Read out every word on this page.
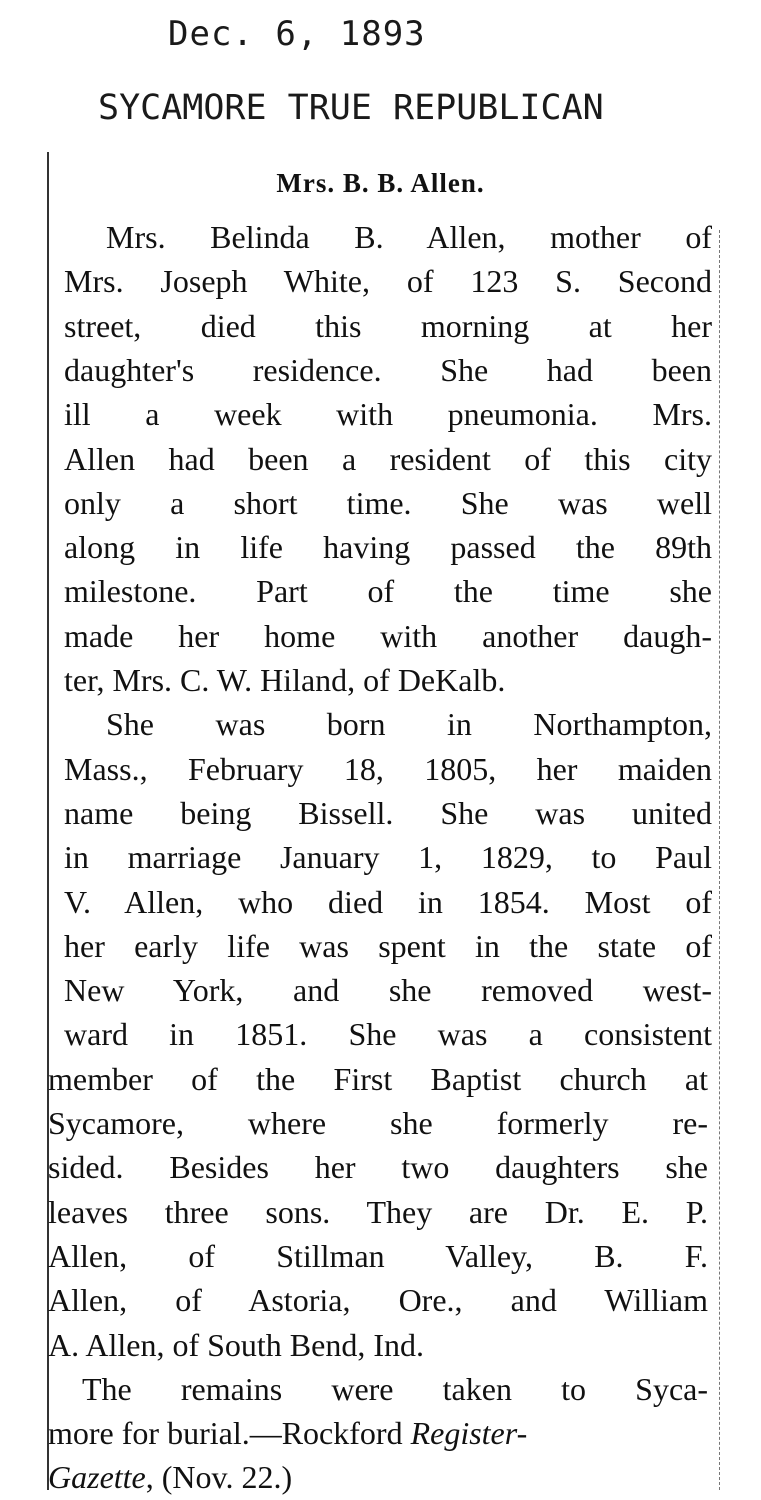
Dec. 6, 1893
SYCAMORE TRUE REPUBLICAN
Mrs. B. B. Allen.
Mrs. Belinda B. Allen, mother of
Mrs. Joseph White, of 123 S. Second
street, died this morning at her
daughter's residence. She had been
ill a week with pneumonia. Mrs.
Allen had been a resident of this city
only a short time. She was well
along in life having passed the 89th
milestone. Part of the time she
made her home with another daugh-
ter, Mrs. C. W. Hiland, of DeKalb.
She was born in Northampton,
Mass., February 18, 1805, her maiden
name being Bissell. She was united
in marriage January 1, 1829, to Paul
V. Allen, who died in 1854. Most of
her early life was spent in the state of
New York, and she removed west-
ward in 1851. She was a consistent
member of the First Baptist church at
Sycamore, where she formerly re-
sided. Besides her two daughters she
leaves three sons. They are Dr. E. P.
Allen, of Stillman Valley, B. F.
Allen, of Astoria, Ore., and William
A. Allen, of South Bend, Ind.
The remains were taken to Syca-
more for burial.—Rockford Register-
Gazette, (Nov. 22.)
